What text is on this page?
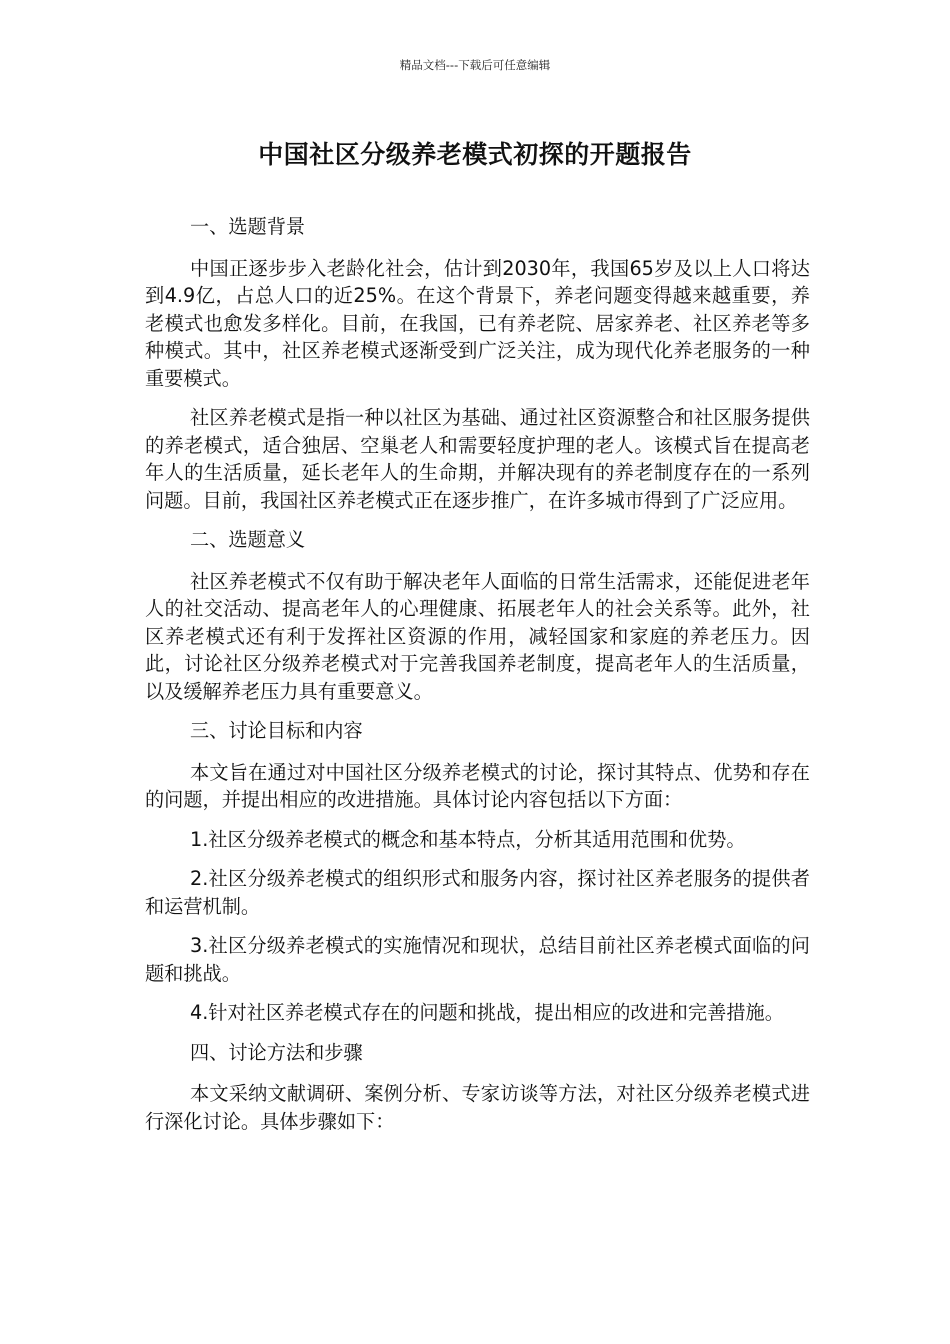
精品文档---下载后可任意编辑
中国社区分级养老模式初探的开题报告

一、选题背景

中国正逐步步入老龄化社会，估计到2030年，我国65岁及以上人口将达到4.9亿，占总人口的近25%。在这个背景下，养老问题变得越来越重要，养老模式也愈发多样化。目前，在我国，已有养老院、居家养老、社区养老等多种模式。其中，社区养老模式逐渐受到广泛关注，成为现代化养老服务的一种重要模式。

社区养老模式是指一种以社区为基础、通过社区资源整合和社区服务提供的养老模式，适合独居、空巢老人和需要轻度护理的老人。该模式旨在提高老年人的生活质量，延长老年人的生命期，并解决现有的养老制度存在的一系列问题。目前，我国社区养老模式正在逐步推广，在许多城市得到了广泛应用。

二、选题意义

社区养老模式不仅有助于解决老年人面临的日常生活需求，还能促进老年人的社交活动、提高老年人的心理健康、拓展老年人的社会关系等。此外，社区养老模式还有利于发挥社区资源的作用，减轻国家和家庭的养老压力。因此，讨论社区分级养老模式对于完善我国养老制度，提高老年人的生活质量，以及缓解养老压力具有重要意义。

三、讨论目标和内容

本文旨在通过对中国社区分级养老模式的讨论，探讨其特点、优势和存在的问题，并提出相应的改进措施。具体讨论内容包括以下方面：

1.社区分级养老模式的概念和基本特点，分析其适用范围和优势。

2.社区分级养老模式的组织形式和服务内容，探讨社区养老服务的提供者和运营机制。

3.社区分级养老模式的实施情况和现状，总结目前社区养老模式面临的问题和挑战。

4.针对社区养老模式存在的问题和挑战，提出相应的改进和完善措施。

四、讨论方法和步骤

本文采纳文献调研、案例分析、专家访谈等方法，对社区分级养老模式进行深化讨论。具体步骤如下：
